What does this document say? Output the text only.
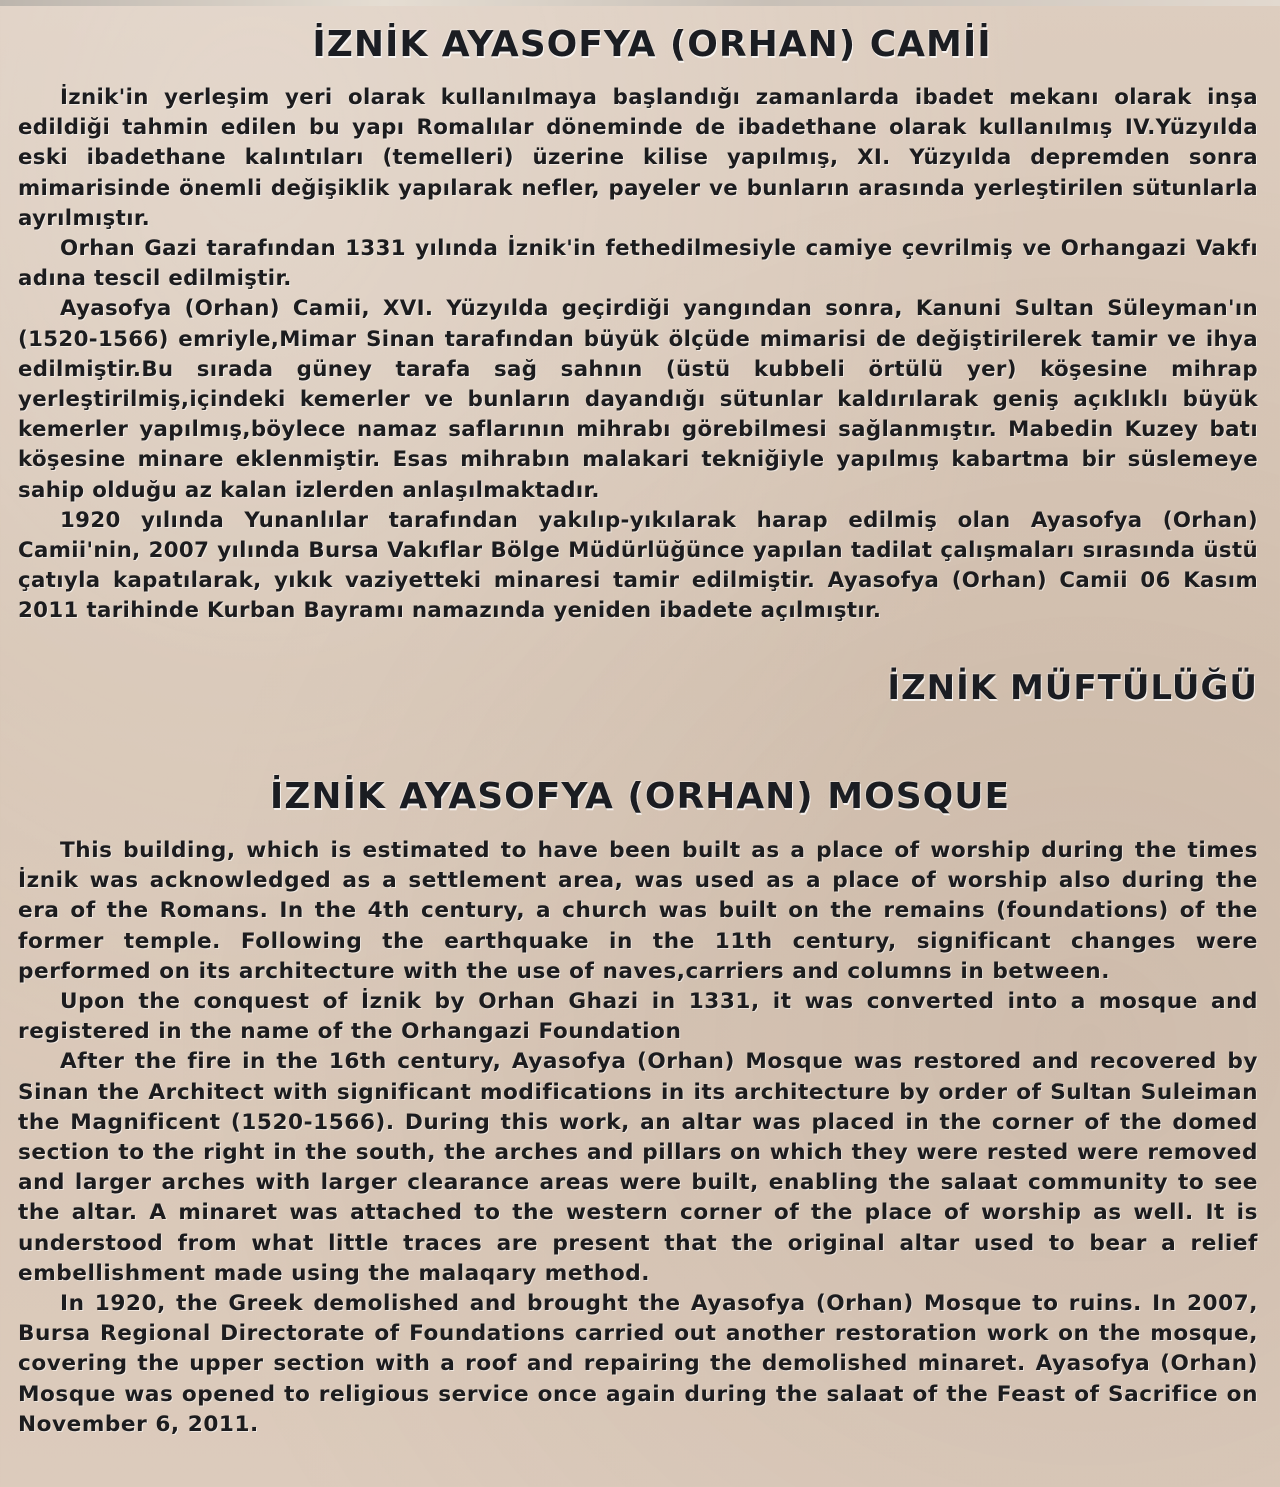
İZNİK AYASOFYA (ORHAN) CAMİİ

İznik'in yerleşim yeri olarak kullanılmaya başlandığı zamanlarda ibadet mekanı olarak inşa edildiği tahmin edilen bu yapı Romalılar döneminde de ibadethane olarak kullanılmış IV.Yüzyılda eski ibadethane kalıntıları (temelleri) üzerine kilise yapılmış, XI. Yüzyılda depremden sonra mimarisinde önemli değişiklik yapılarak nefler, payeler ve bunların arasında yerleştirilen sütunlarla ayrılmıştır.

Orhan Gazi tarafından 1331 yılında İznik'in fethedilmesiyle camiye çevrilmiş ve Orhangazi Vakfı adına tescil edilmiştir.

Ayasofya (Orhan) Camii, XVI. Yüzyılda geçirdiği yangından sonra, Kanuni Sultan Süleyman'ın (1520-1566) emriyle,Mimar Sinan tarafından büyük ölçüde mimarisi de değiştirilerek tamir ve ihya edilmiştir.Bu sırada güney tarafa sağ sahnın (üstü kubbeli örtülü yer) köşesine mihrap yerleştirilmiş,içindeki kemerler ve bunların dayandığı sütunlar kaldırılarak geniş açıklıklı büyük kemerler yapılmış,böylece namaz saflarının mihrabı görebilmesi sağlanmıştır. Mabedin Kuzey batı köşesine minare eklenmiştir. Esas mihrabın malakari tekniğiyle yapılmış kabartma bir süslemeye sahip olduğu az kalan izlerden anlaşılmaktadır.

1920 yılında Yunanlılar tarafından yakılıp-yıkılarak harap edilmiş olan Ayasofya (Orhan) Camii'nin, 2007 yılında Bursa Vakıflar Bölge Müdürlüğünce yapılan tadilat çalışmaları sırasında üstü çatıyla kapatılarak, yıkık vaziyetteki minaresi tamir edilmiştir. Ayasofya (Orhan) Camii 06 Kasım 2011 tarihinde Kurban Bayramı namazında yeniden ibadete açılmıştır.

İZNİK MÜFTÜLÜĞÜ
İZNİK AYASOFYA (ORHAN) MOSQUE

This building, which is estimated to have been built as a place of worship during the times İznik was acknowledged as a settlement area, was used as a place of worship also during the era of the Romans. In the 4th century, a church was built on the remains (foundations) of the former temple. Following the earthquake in the 11th century, significant changes were performed on its architecture with the use of naves,carriers and columns in between.

Upon the conquest of İznik by Orhan Ghazi in 1331, it was converted into a mosque and registered in the name of the Orhangazi Foundation

After the fire in the 16th century, Ayasofya (Orhan) Mosque was restored and recovered by Sinan the Architect with significant modifications in its architecture by order of Sultan Suleiman the Magnificent (1520-1566). During this work, an altar was placed in the corner of the domed section to the right in the south, the arches and pillars on which they were rested were removed and larger arches with larger clearance areas were built, enabling the salaat community to see the altar. A minaret was attached to the western corner of the place of worship as well. It is understood from what little traces are present that the original altar used to bear a relief embellishment made using the malaqary method.

In 1920, the Greek demolished and brought the Ayasofya (Orhan) Mosque to ruins. In 2007, Bursa Regional Directorate of Foundations carried out another restoration work on the mosque, covering the upper section with a roof and repairing the demolished minaret. Ayasofya (Orhan) Mosque was opened to religious service once again during the salaat of the Feast of Sacrifice on November 6, 2011.
